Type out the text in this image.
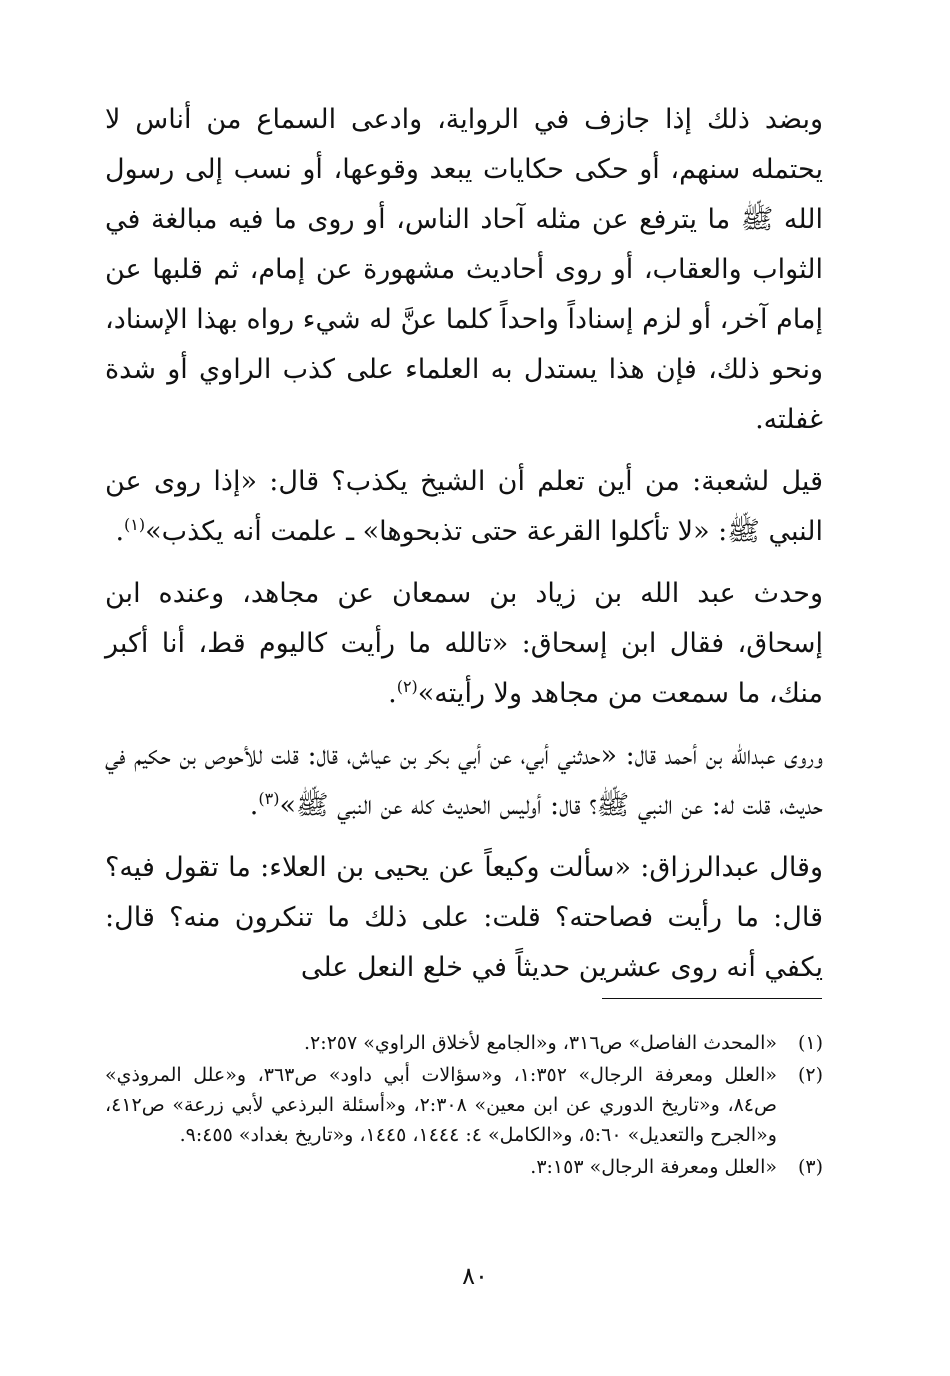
وبضد ذلك إذا جازف في الرواية، وادعى السماع من أناس لا يحتمله سنهم، أو حكى حكايات يبعد وقوعها، أو نسب إلى رسول الله ﷺ ما يترفع عن مثله آحاد الناس، أو روى ما فيه مبالغة في الثواب والعقاب، أو روى أحاديث مشهورة عن إمام، ثم قلبها عن إمام آخر، أو لزم إسناداً واحداً كلما عنَّ له شيء رواه بهذا الإسناد، ونحو ذلك، فإن هذا يستدل به العلماء على كذب الراوي أو شدة غفلته.

قيل لشعبة: من أين تعلم أن الشيخ يكذب؟ قال: «إذا روى عن النبي ﷺ: «لا تأكلوا القرعة حتى تذبحوها» ـ علمت أنه يكذب»$^{(١)}$.

وحدث عبد الله بن زياد بن سمعان عن مجاهد، وعنده ابن إسحاق، فقال ابن إسحاق: «تالله ما رأيت كاليوم قط، أنا أكبر منك، ما سمعت من مجاهد ولا رأيته»$^{(٢)}$.

وروى عبدالله بن أحمد قال: «حدثني أبي، عن أبي بكر بن عياش، قال: قلت للأحوص بن حكيم في حديث، قلت له: عن النبي ﷺ؟ قال: أوليس الحديث كله عن النبي ﷺ»$^{(٣)}$.

وقال عبدالرزاق: «سألت وكيعاً عن يحيى بن العلاء: ما تقول فيه؟ قال: ما رأيت فصاحته؟ قلت: على ذلك ما تنكرون منه؟ قال: يكفي أنه روى عشرين حديثاً في خلع النعل على

(١)
«المحدث الفاصل» ص٣١٦، و«الجامع لأخلاق الراوي» ٢:٢٥٧.
(٢)
«العلل ومعرفة الرجال» ١:٣٥٢، و«سؤالات أبي داود» ص٣٦٣، و«علل المروذي» ص٨٤، و«تاريخ الدوري عن ابن معين» ٢:٣٠٨، و«أسئلة البرذعي لأبي زرعة» ص٤١٢، و«الجرح والتعديل» ٥:٦٠، و«الكامل» ٤: ١٤٤٤، ١٤٤٥، و«تاريخ بغداد» ٩:٤٥٥.
(٣)
«العلل ومعرفة الرجال» ٣:١٥٣.
٨٠
